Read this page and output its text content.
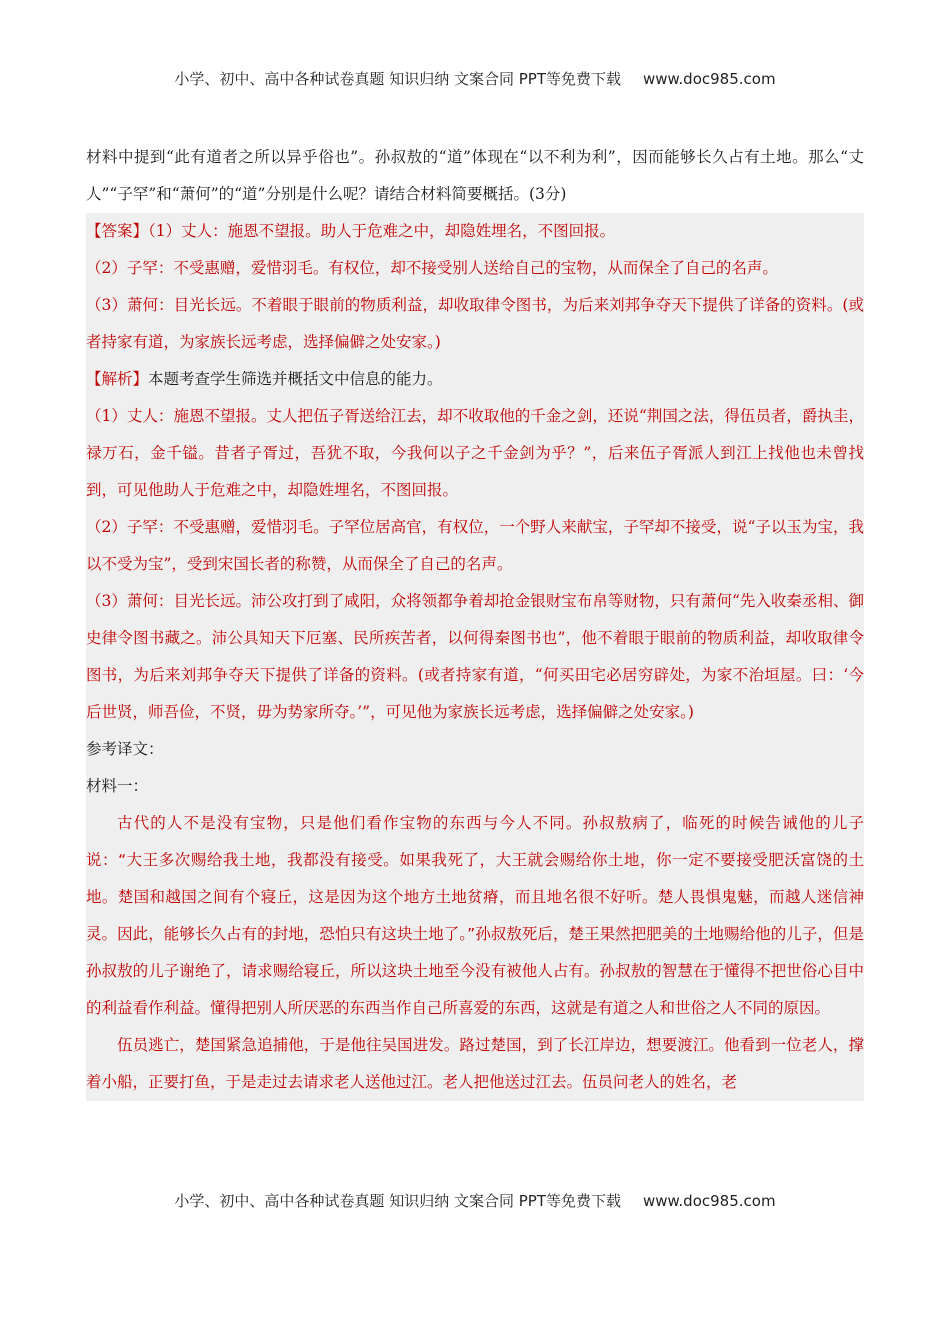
小学、初中、高中各种试卷真题 知识归纳 文案合同 PPT等免费下载 www.doc985.com

材料中提到“此有道者之所以异乎俗也”。孙叔敖的“道”体现在“以不利为利”，因而能够长久占有土地。那么“丈人”“子罕”和“萧何”的“道”分别是什么呢？请结合材料简要概括。(3分)

【答案】（1）丈人：施恩不望报。助人于危难之中，却隐姓埋名，不图回报。

（2）子罕：不受惠赠，爱惜羽毛。有权位，却不接受别人送给自己的宝物，从而保全了自己的名声。

（3）萧何：目光长远。不着眼于眼前的物质利益，却收取律令图书，为后来刘邦争夺天下提供了详备的资料。(或者持家有道，为家族长远考虑，选择偏僻之处安家。)

【解析】本题考查学生筛选并概括文中信息的能力。

（1）丈人：施恩不望报。丈人把伍子胥送给江去，却不收取他的千金之剑，还说“荆国之法，得伍员者，爵执圭，禄万石，金千镒。昔者子胥过，吾犹不取，今我何以子之千金剑为乎？”，后来伍子胥派人到江上找他也未曾找到，可见他助人于危难之中，却隐姓埋名，不图回报。

（2）子罕：不受惠赠，爱惜羽毛。子罕位居高官，有权位，一个野人来献宝，子罕却不接受，说“子以玉为宝，我以不受为宝”，受到宋国长者的称赞，从而保全了自己的名声。

（3）萧何：目光长远。沛公攻打到了咸阳，众将领都争着却抢金银财宝布帛等财物，只有萧何“先入收秦丞相、御史律令图书藏之。沛公具知天下厄塞、民所疾苦者，以何得秦图书也”，他不着眼于眼前的物质利益，却收取律令图书，为后来刘邦争夺天下提供了详备的资料。(或者持家有道，“何买田宅必居穷辟处，为家不治垣屋。曰：‘今后世贤，师吾俭，不贤，毋为势家所夺。’”，可见他为家族长远考虑，选择偏僻之处安家。)

参考译文：

材料一：

古代的人不是没有宝物，只是他们看作宝物的东西与今人不同。孙叔敖病了，临死的时候告诫他的儿子说：“大王多次赐给我土地，我都没有接受。如果我死了，大王就会赐给你土地，你一定不要接受肥沃富饶的土地。楚国和越国之间有个寝丘，这是因为这个地方土地贫瘠，而且地名很不好听。楚人畏惧鬼魅，而越人迷信神灵。因此，能够长久占有的封地，恐怕只有这块土地了。”孙叔敖死后，楚王果然把肥美的土地赐给他的儿子，但是孙叔敖的儿子谢绝了，请求赐给寝丘，所以这块土地至今没有被他人占有。孙叔敖的智慧在于懂得不把世俗心目中的利益看作利益。懂得把别人所厌恶的东西当作自己所喜爱的东西，这就是有道之人和世俗之人不同的原因。

伍员逃亡，楚国紧急追捕他，于是他往吴国进发。路过楚国，到了长江岸边，想要渡江。他看到一位老人，撑着小船，正要打鱼，于是走过去请求老人送他过江。老人把他送过江去。伍员问老人的姓名，老

小学、初中、高中各种试卷真题 知识归纳 文案合同 PPT等免费下载 www.doc985.com
